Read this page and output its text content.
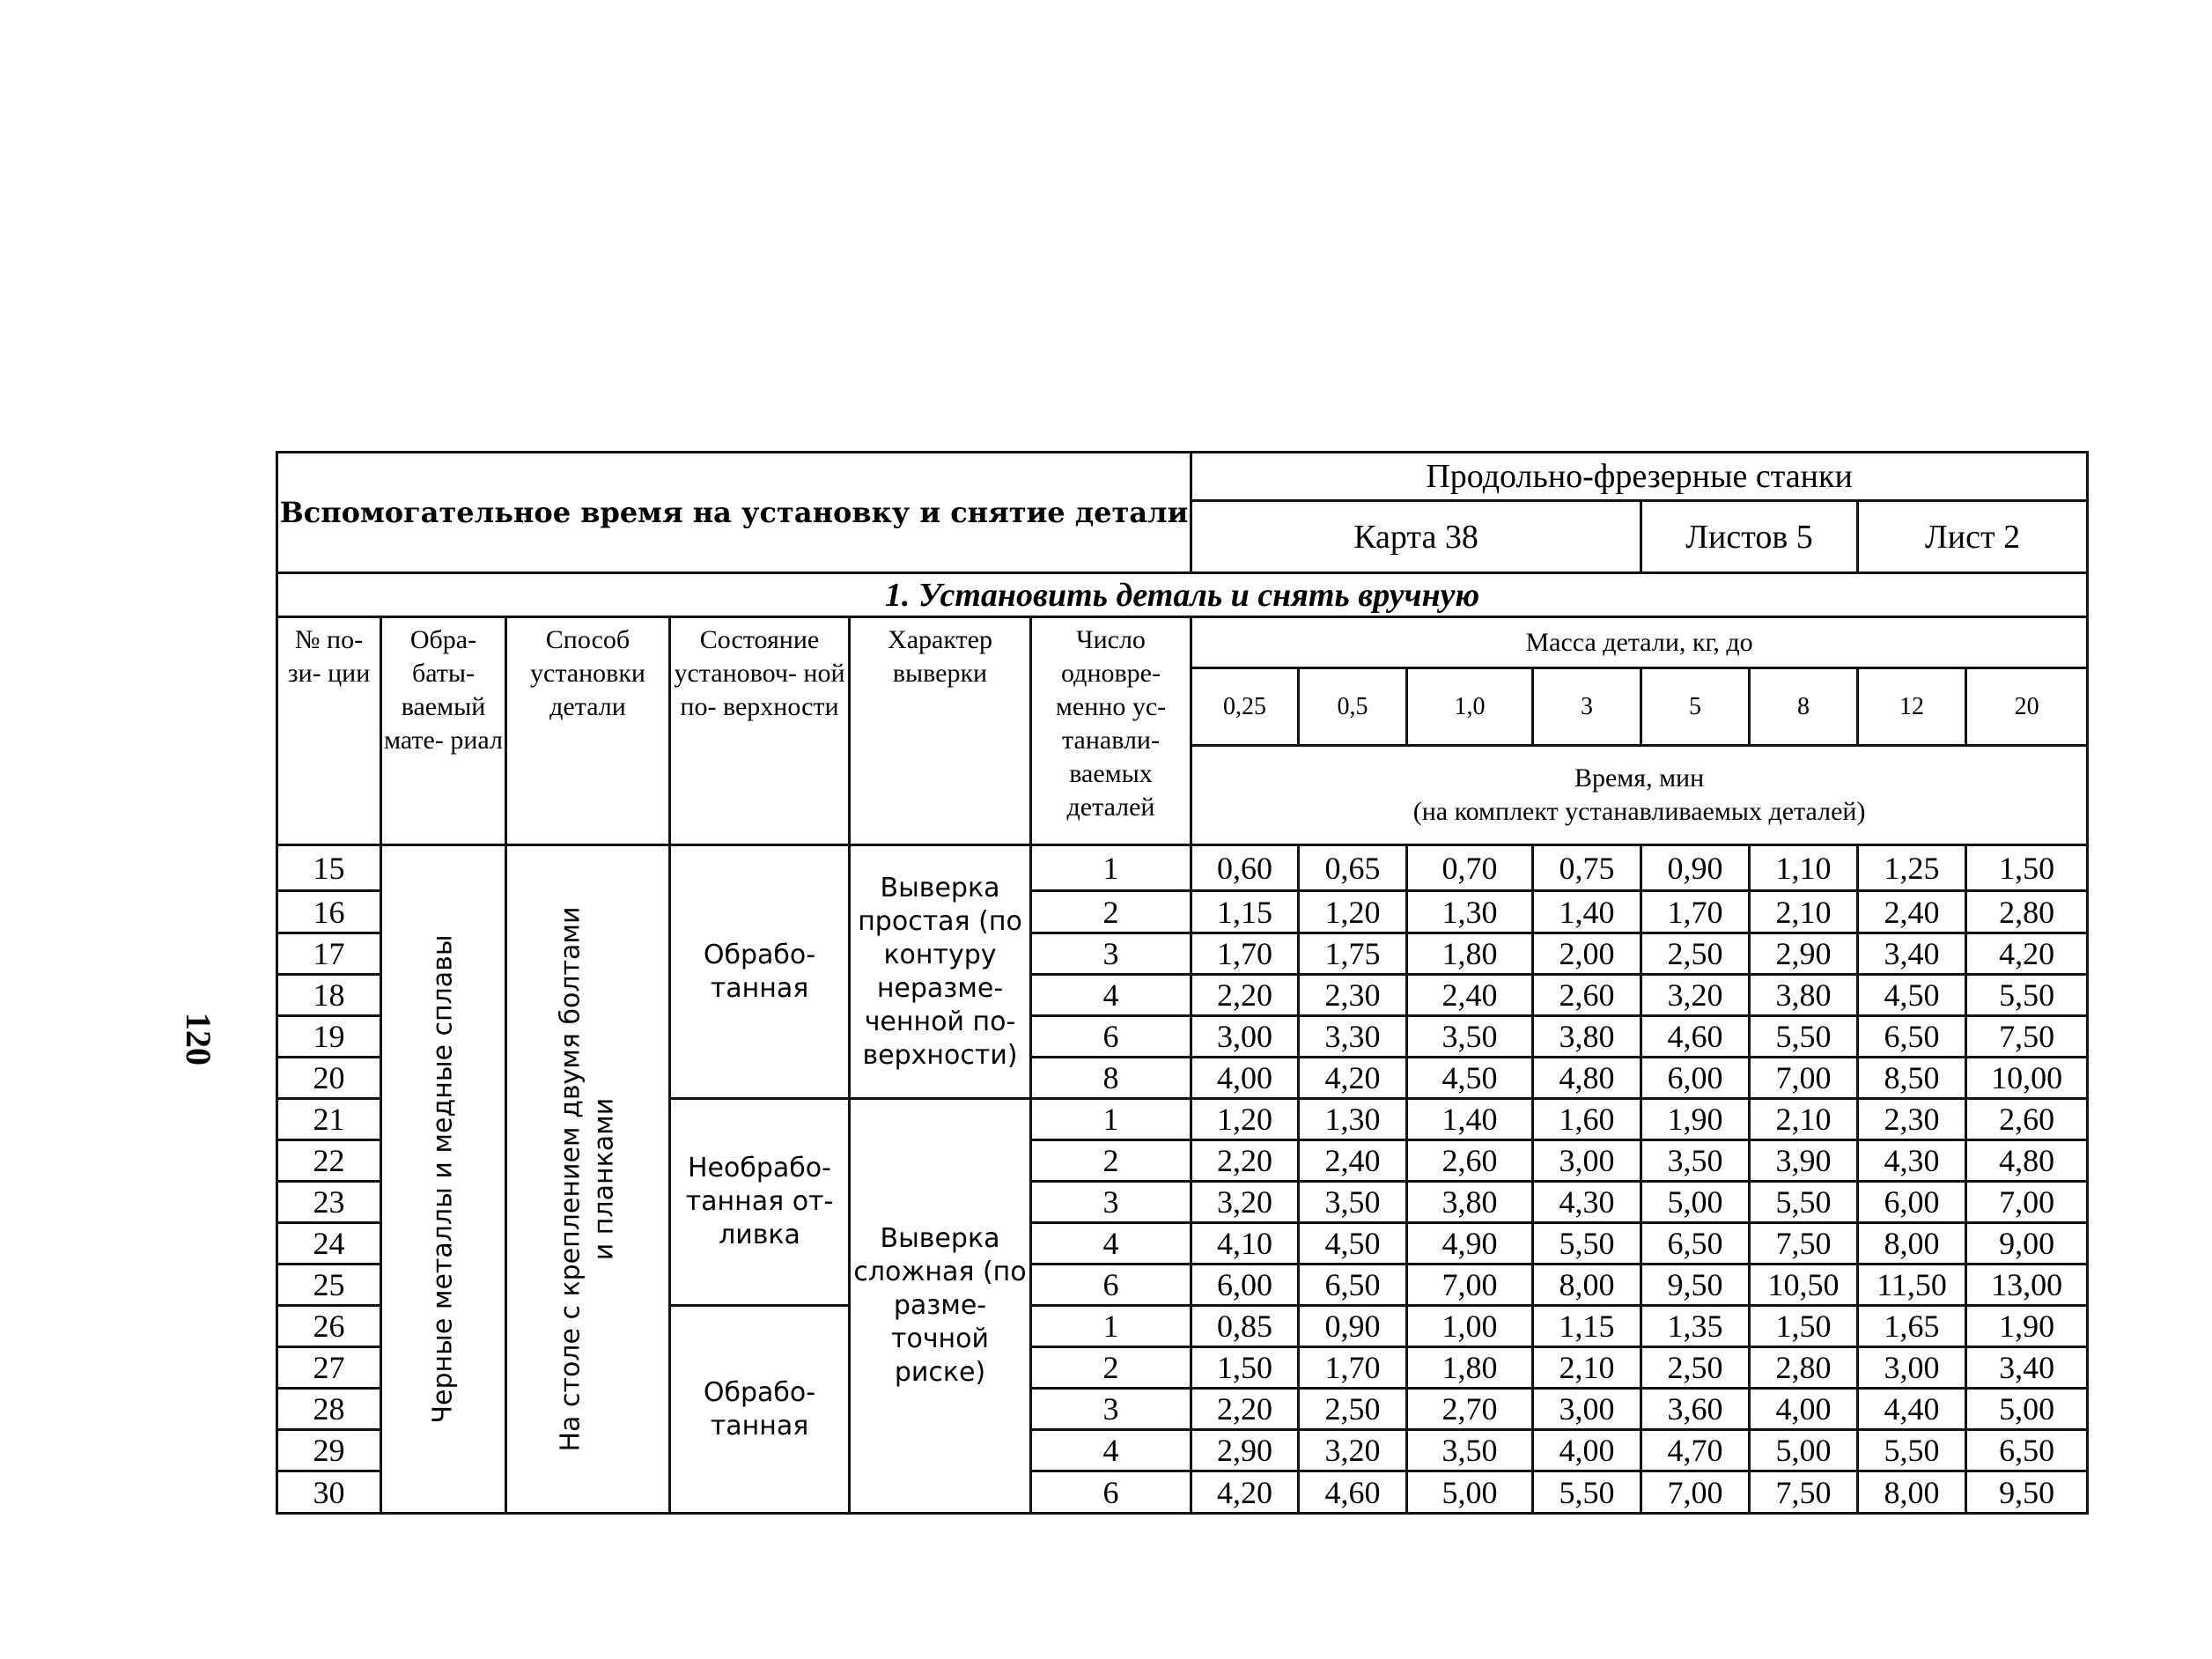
120
Вспомогательное время на установку и снятие детали						Продольно-фрезерные станки							
						Карта 38				Листов 5		Лист 2	
1. Установить деталь и снять вручную													
№ по- зи- ции	Обра- баты- ваемый мате- риал	Способ установки детали	Состояние установоч- ной по- верхности	Характер выверки	Число одновре- менно ус- танавли- ваемых деталей	Масса детали, кг, до							
						0,25	0,5	1,0	3	5	8	12	20

						Время, мин
(на комплект устанавливаемых деталей)							

15	Черные металлы и медные сплавы	На столе с креплением двумя болтами и планками	Обрабо- танная	Выверка простая (по контуру неразме- ченной по- верхности)	1	0,60	0,65	0,70	0,75	0,90	1,10	1,25	1,50
16					2	1,15	1,20	1,30	1,40	1,70	2,10	2,40	2,80
17					3	1,70	1,75	1,80	2,00	2,50	2,90	3,40	4,20
18					4	2,20	2,30	2,40	2,60	3,20	3,80	4,50	5,50
19					6	3,00	3,30	3,50	3,80	4,60	5,50	6,50	7,50
20					8	4,00	4,20	4,50	4,80	6,00	7,00	8,50	10,00
21			Необрабо- танная от- ливка	Выверка сложная (по разме- точной риске)	1	1,20	1,30	1,40	1,60	1,90	2,10	2,30	2,60
22					2	2,20	2,40	2,60	3,00	3,50	3,90	4,30	4,80
23					3	3,20	3,50	3,80	4,30	5,00	5,50	6,00	7,00
24					4	4,10	4,50	4,90	5,50	6,50	7,50	8,00	9,00
25					6	6,00	6,50	7,00	8,00	9,50	10,50	11,50	13,00
26			Обрабо- танная		1	0,85	0,90	1,00	1,15	1,35	1,50	1,65	1,90
27					2	1,50	1,70	1,80	2,10	2,50	2,80	3,00	3,40
28					3	2,20	2,50	2,70	3,00	3,60	4,00	4,40	5,00
29					4	2,90	3,20	3,50	4,00	4,70	5,00	5,50	6,50
30					6	4,20	4,60	5,00	5,50	7,00	7,50	8,00	9,50
